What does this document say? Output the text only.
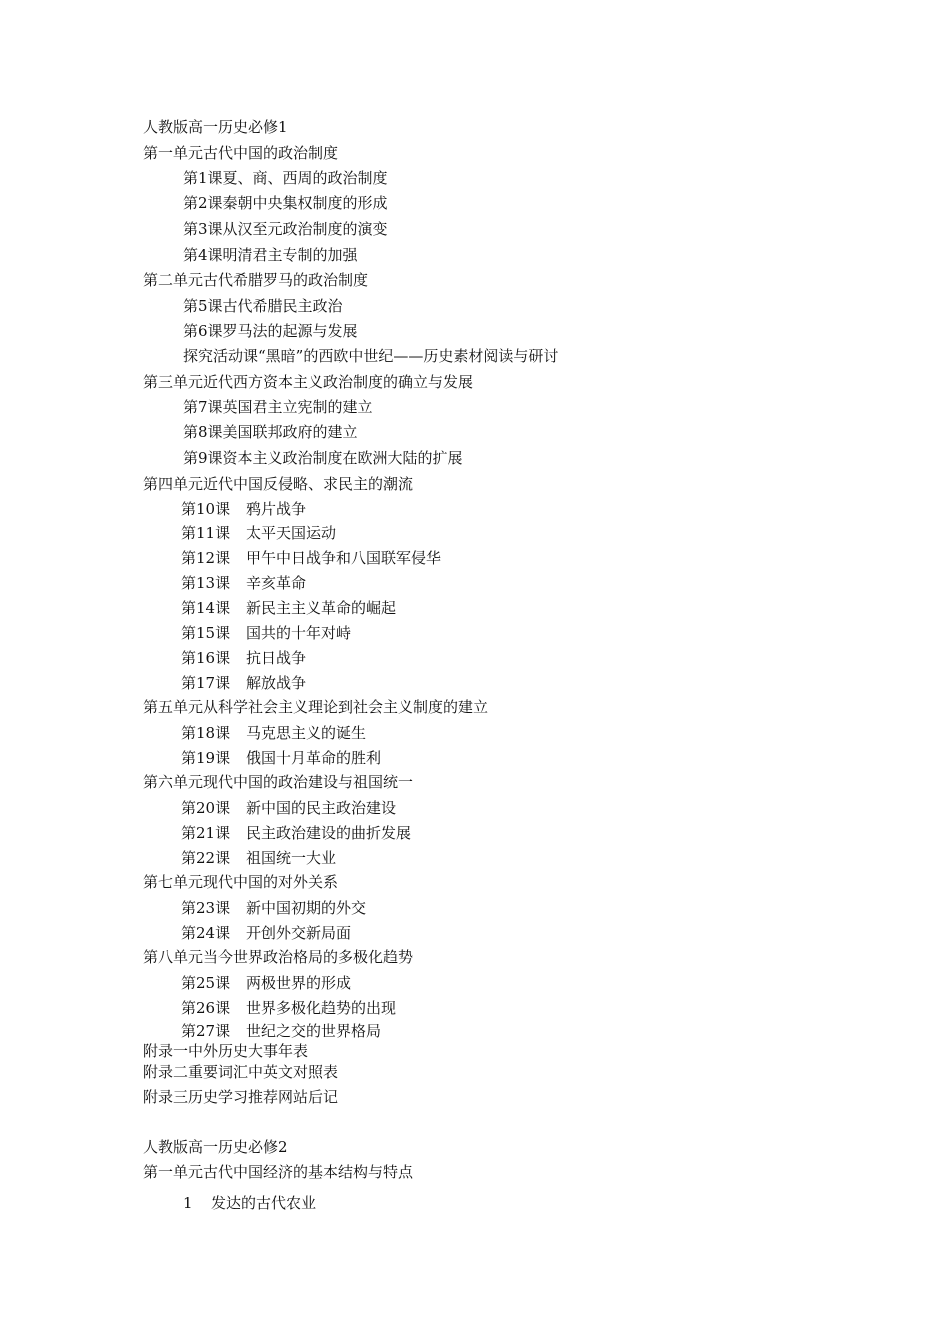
人教版高一历史必修1
第一单元古代中国的政治制度
第1课夏、商、西周的政治制度
第2课秦朝中央集权制度的形成
第3课从汉至元政治制度的演变
第4课明清君主专制的加强
第二单元古代希腊罗马的政治制度
第5课古代希腊民主政治
第6课罗马法的起源与发展
探究活动课“黑暗”的西欧中世纪——历史素材阅读与研讨
第三单元近代西方资本主义政治制度的确立与发展
第7课英国君主立宪制的建立
第8课美国联邦政府的建立
第9课资本主义政治制度在欧洲大陆的扩展
第四单元近代中国反侵略、求民主的潮流
第10课 鸦片战争
第11课 太平天国运动
第12课 甲午中日战争和八国联军侵华
第13课 辛亥革命
第14课 新民主主义革命的崛起
第15课 国共的十年对峙
第16课 抗日战争
第17课 解放战争
第五单元从科学社会主义理论到社会主义制度的建立
第18课 马克思主义的诞生
第19课 俄国十月革命的胜利
第六单元现代中国的政治建设与祖国统一
第20课 新中国的民主政治建设
第21课 民主政治建设的曲折发展
第22课 祖国统一大业
第七单元现代中国的对外关系
第23课 新中国初期的外交
第24课 开创外交新局面
第八单元当今世界政治格局的多极化趋势
第25课 两极世界的形成
第26课 世界多极化趋势的出现
第27课 世纪之交的世界格局
附录一中外历史大事年表
附录二重要词汇中英文对照表
附录三历史学习推荐网站后记
人教版高一历史必修2
第一单元古代中国经济的基本结构与特点
1 发达的古代农业
